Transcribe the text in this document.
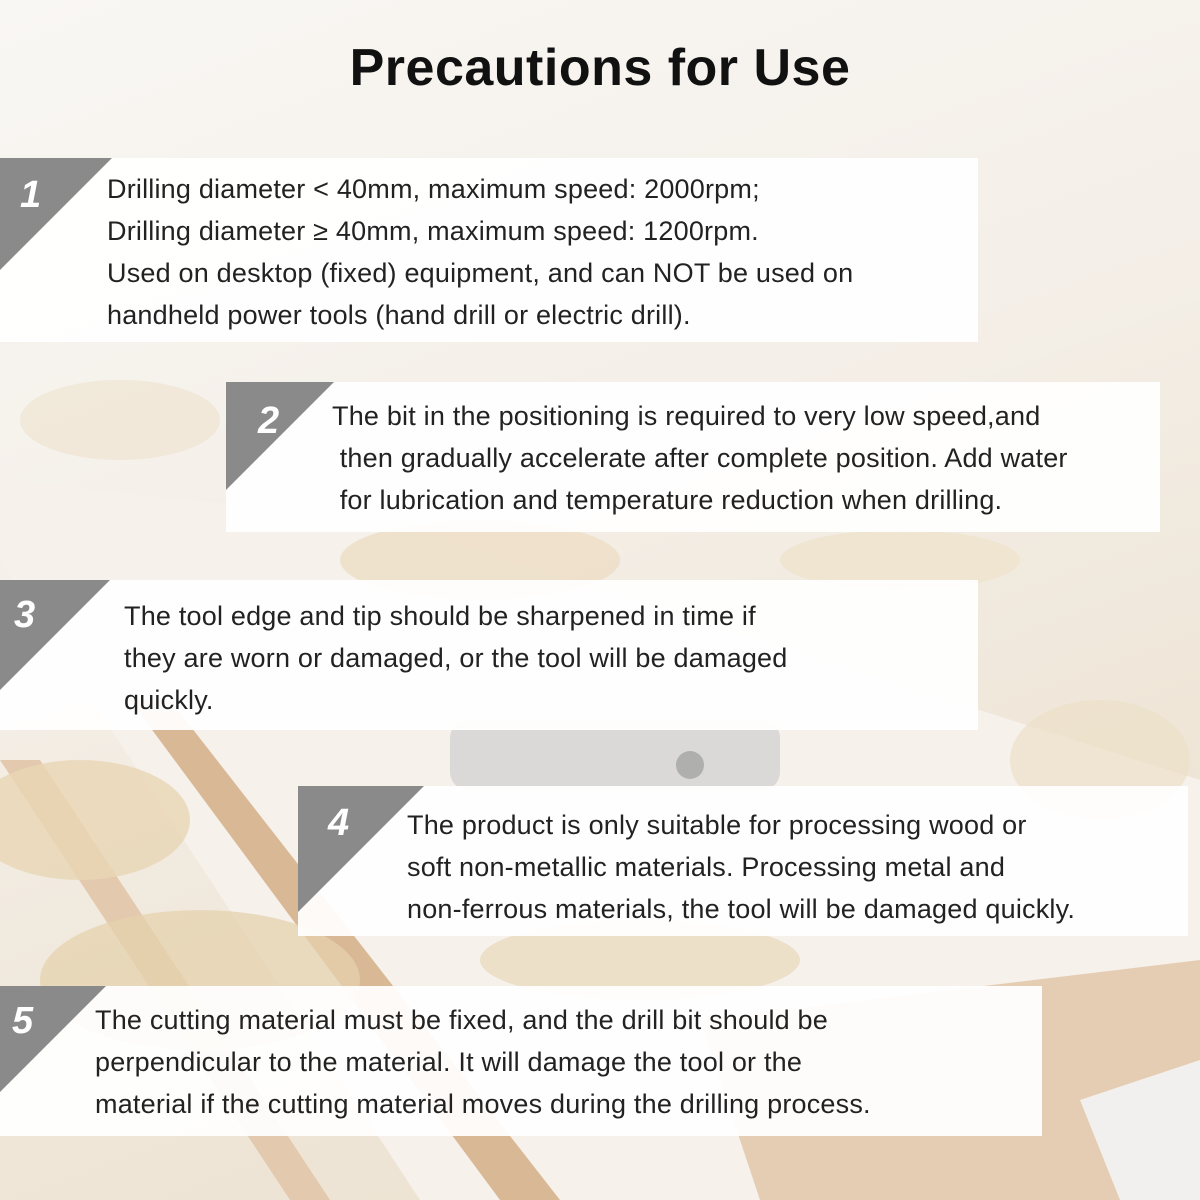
Precautions for Use
1 Drilling diameter < 40mm, maximum speed: 2000rpm;
Drilling diameter ≥ 40mm, maximum speed: 1200rpm.
Used on desktop (fixed) equipment, and can NOT be used on
handheld power tools (hand drill or electric drill).
2 The bit in the positioning is required to very low speed,and
then gradually accelerate after complete position. Add water
for lubrication and temperature reduction when drilling.
3	The tool edge and tip should be sharpened in time if
they are worn or damaged, or the tool will be damaged
quickly.
4 The product is only suitable for processing wood or
soft non-metallic materials. Processing metal and
non-ferrous materials, the tool will be damaged quickly.
5 The cutting material must be fixed, and the drill bit should be
perpendicular to the material. It will damage the tool or the
material if the cutting material moves during the drilling process.
